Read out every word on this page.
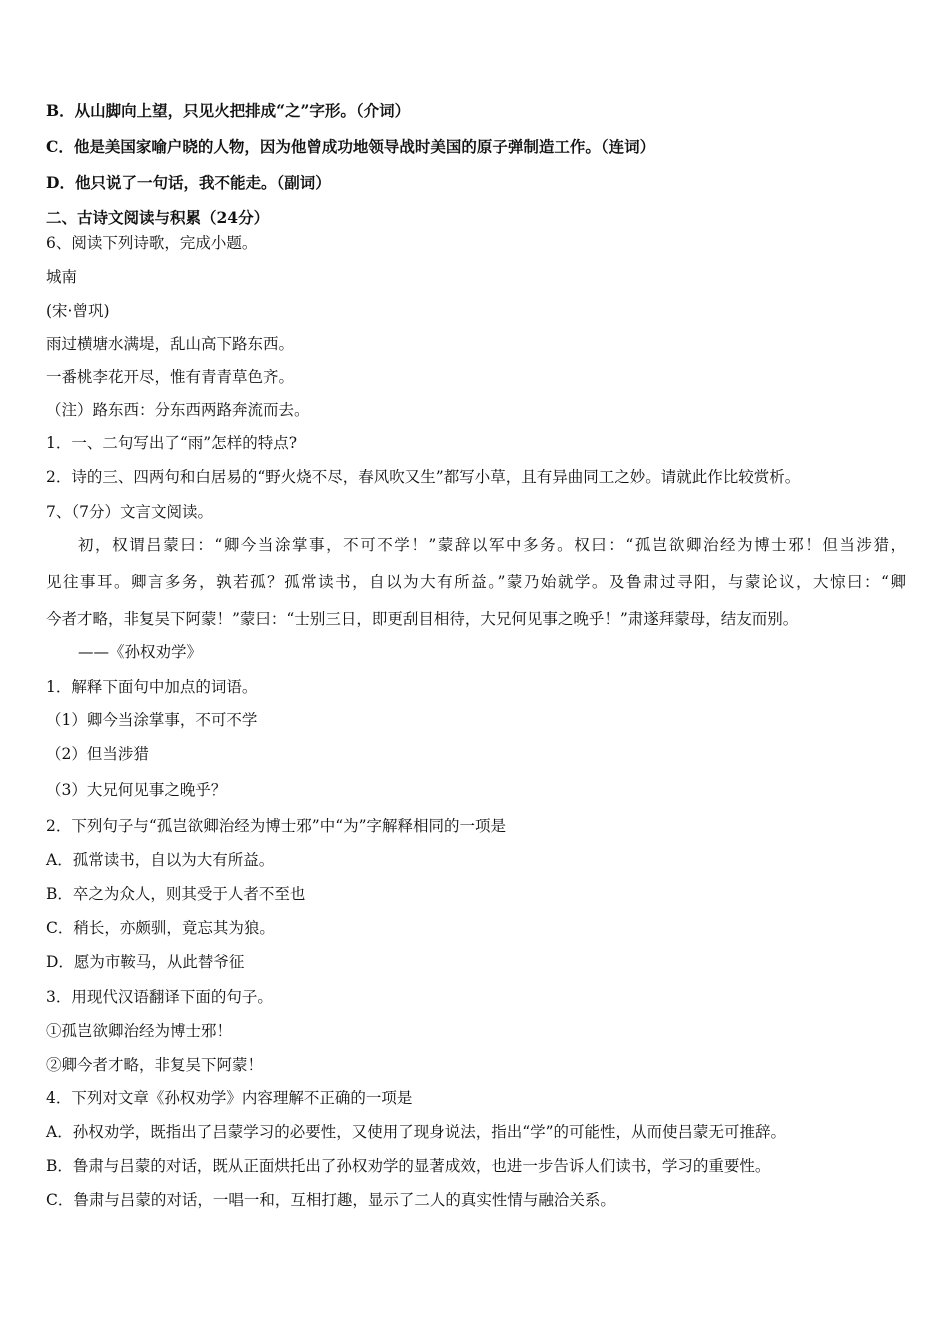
B．从山脚向上望，只见火把排成“之”字形。（介词）
C．他是美国家喻户晓的人物，因为他曾成功地领导战时美国的原子弹制造工作。（连词）
D．他只说了一句话，我不能走。（副词）
二、古诗文阅读与积累（24分）
6、阅读下列诗歌，完成小题。
城南
(宋·曾巩)
雨过横塘水满堤，乱山高下路东西。
一番桃李花开尽，惟有青青草色齐。
（注）路东西：分东西两路奔流而去。
1．一、二句写出了“雨”怎样的特点?
2．诗的三、四两句和白居易的“野火烧不尽，春风吹又生”都写小草，且有异曲同工之妙。请就此作比较赏析。
7、（7分）文言文阅读。
初，权谓吕蒙曰：“卿今当涂掌事，不可不学！”蒙辞以军中多务。权曰：“孤岂欲卿治经为博士邪！但当涉猎，
见往事耳。卿言多务，孰若孤？孤常读书，自以为大有所益。”蒙乃始就学。及鲁肃过寻阳，与蒙论议，大惊曰：“卿
今者才略，非复吴下阿蒙！”蒙曰：“士别三日，即更刮目相待，大兄何见事之晚乎！”肃遂拜蒙母，结友而别。
——《孙权劝学》
1．解释下面句中加点的词语。
（1）卿今当涂掌事，不可不学
（2）但当涉猎
（3）大兄何见事之晚乎？
2．下列句子与“孤岂欲卿治经为博士邪”中“为”字解释相同的一项是
A．孤常读书，自以为大有所益。
B．卒之为众人，则其受于人者不至也
C．稍长，亦颇驯，竟忘其为狼。
D．愿为市鞍马，从此替爷征
3．用现代汉语翻译下面的句子。
①孤岂欲卿治经为博士邪！
②卿今者才略，非复吴下阿蒙！
4．下列对文章《孙权劝学》内容理解不正确的一项是
A．孙权劝学，既指出了吕蒙学习的必要性，又使用了现身说法，指出“学”的可能性，从而使吕蒙无可推辞。
B．鲁肃与吕蒙的对话，既从正面烘托出了孙权劝学的显著成效，也进一步告诉人们读书，学习的重要性。
C．鲁肃与吕蒙的对话，一唱一和，互相打趣，显示了二人的真实性情与融洽关系。
